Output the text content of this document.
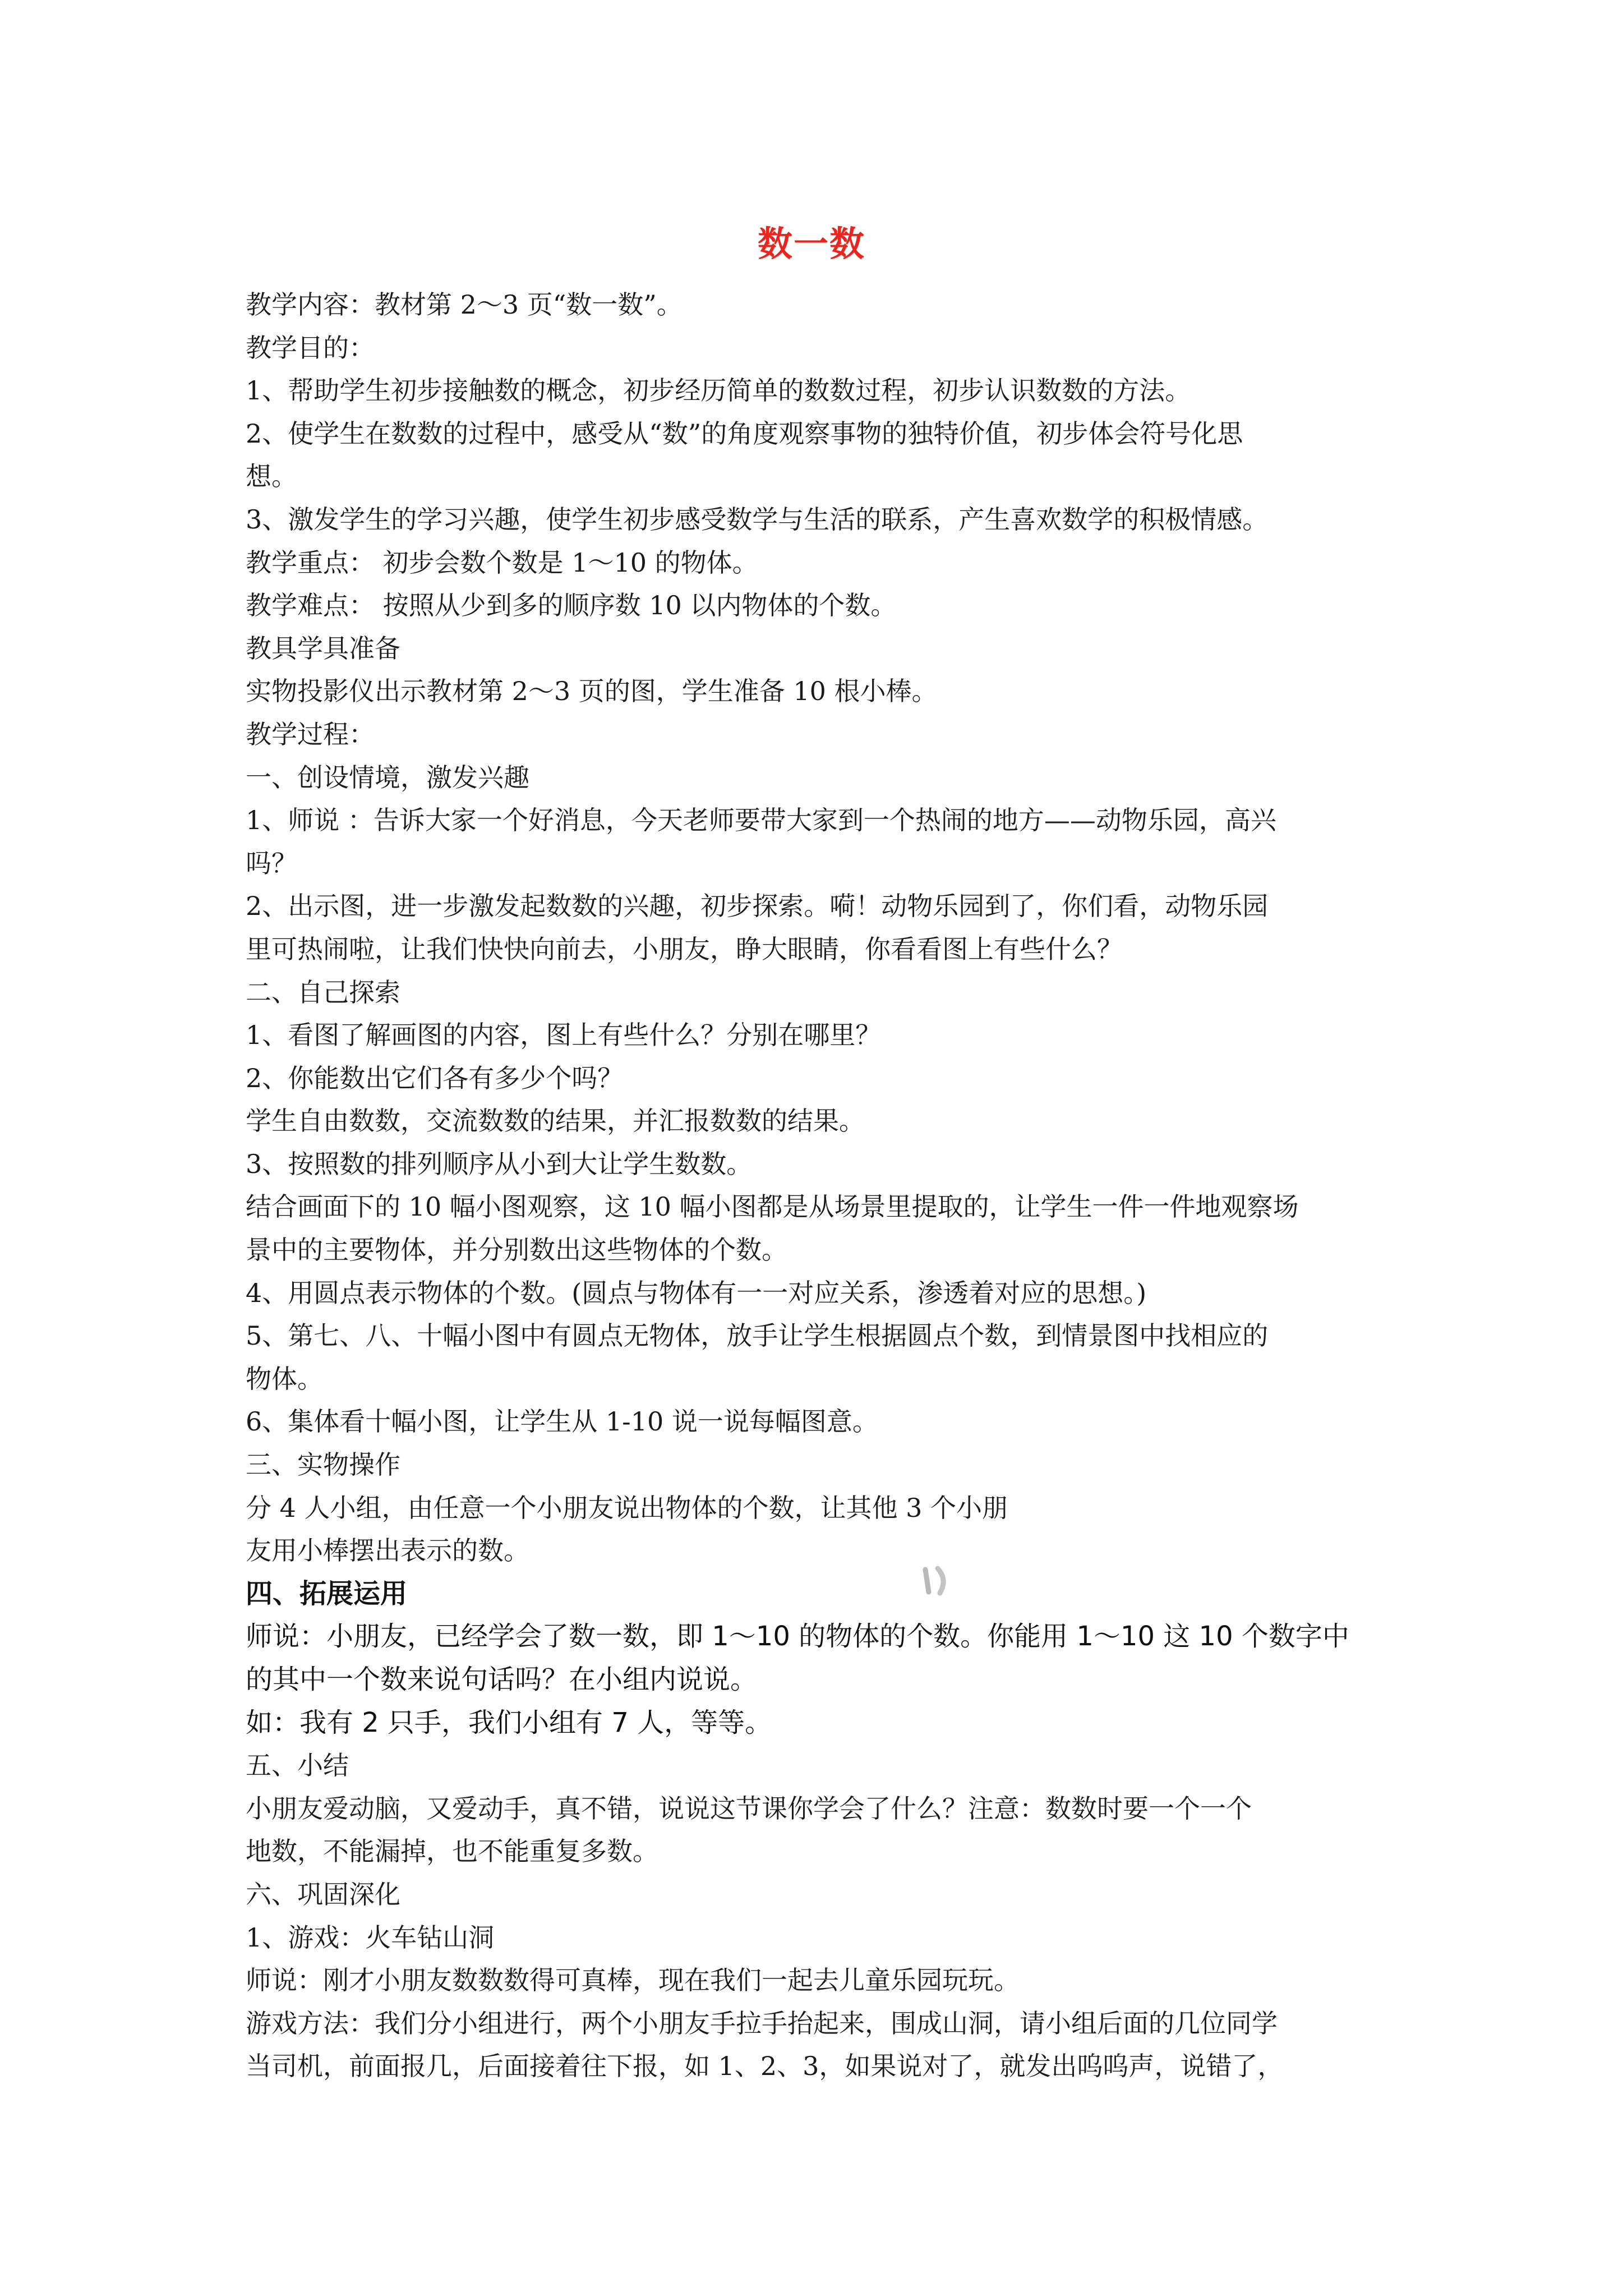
数一数
教学内容：教材第 2～3 页“数一数”。
教学目的：
1、帮助学生初步接触数的概念，初步经历简单的数数过程，初步认识数数的方法。
2、使学生在数数的过程中，感受从“数”的角度观察事物的独特价值，初步体会符号化思
想。
3、激发学生的学习兴趣，使学生初步感受数学与生活的联系，产生喜欢数学的积极情感。
教学重点： 初步会数个数是 1～10 的物体。
教学难点： 按照从少到多的顺序数 10 以内物体的个数。
教具学具准备
实物投影仪出示教材第 2～3 页的图，学生准备 10 根小棒。
教学过程：
一、创设情境，激发兴趣
1、师说 ：告诉大家一个好消息，今天老师要带大家到一个热闹的地方——动物乐园，高兴
吗？
2、出示图，进一步激发起数数的兴趣，初步探索。嗬！动物乐园到了，你们看，动物乐园
里可热闹啦，让我们快快向前去，小朋友，睁大眼睛，你看看图上有些什么？
二、自己探索
1、看图了解画图的内容，图上有些什么？分别在哪里？
2、你能数出它们各有多少个吗？
学生自由数数，交流数数的结果，并汇报数数的结果。
3、按照数的排列顺序从小到大让学生数数。
结合画面下的 10 幅小图观察，这 10 幅小图都是从场景里提取的，让学生一件一件地观察场
景中的主要物体，并分别数出这些物体的个数。
4、用圆点表示物体的个数。(圆点与物体有一一对应关系，渗透着对应的思想。)
5、第七、八、十幅小图中有圆点无物体，放手让学生根据圆点个数，到情景图中找相应的
物体。
6、集体看十幅小图，让学生从 1-10 说一说每幅图意。
三、实物操作
分 4 人小组，由任意一个小朋友说出物体的个数，让其他 3 个小朋
友用小棒摆出表示的数。
四、拓展运用
师说：小朋友，已经学会了数一数，即 1～10 的物体的个数。你能用 1～10 这 10 个数字中
的其中一个数来说句话吗？在小组内说说。
如：我有 2 只手，我们小组有 7 人，等等。
五、小结
小朋友爱动脑，又爱动手，真不错，说说这节课你学会了什么？注意：数数时要一个一个
地数，不能漏掉，也不能重复多数。
六、巩固深化
1、游戏：火车钻山洞
师说：刚才小朋友数数数得可真棒，现在我们一起去儿童乐园玩玩。
游戏方法：我们分小组进行，两个小朋友手拉手抬起来，围成山洞，请小组后面的几位同学
当司机，前面报几，后面接着往下报，如 1、2、3，如果说对了，就发出呜呜声，说错了，
